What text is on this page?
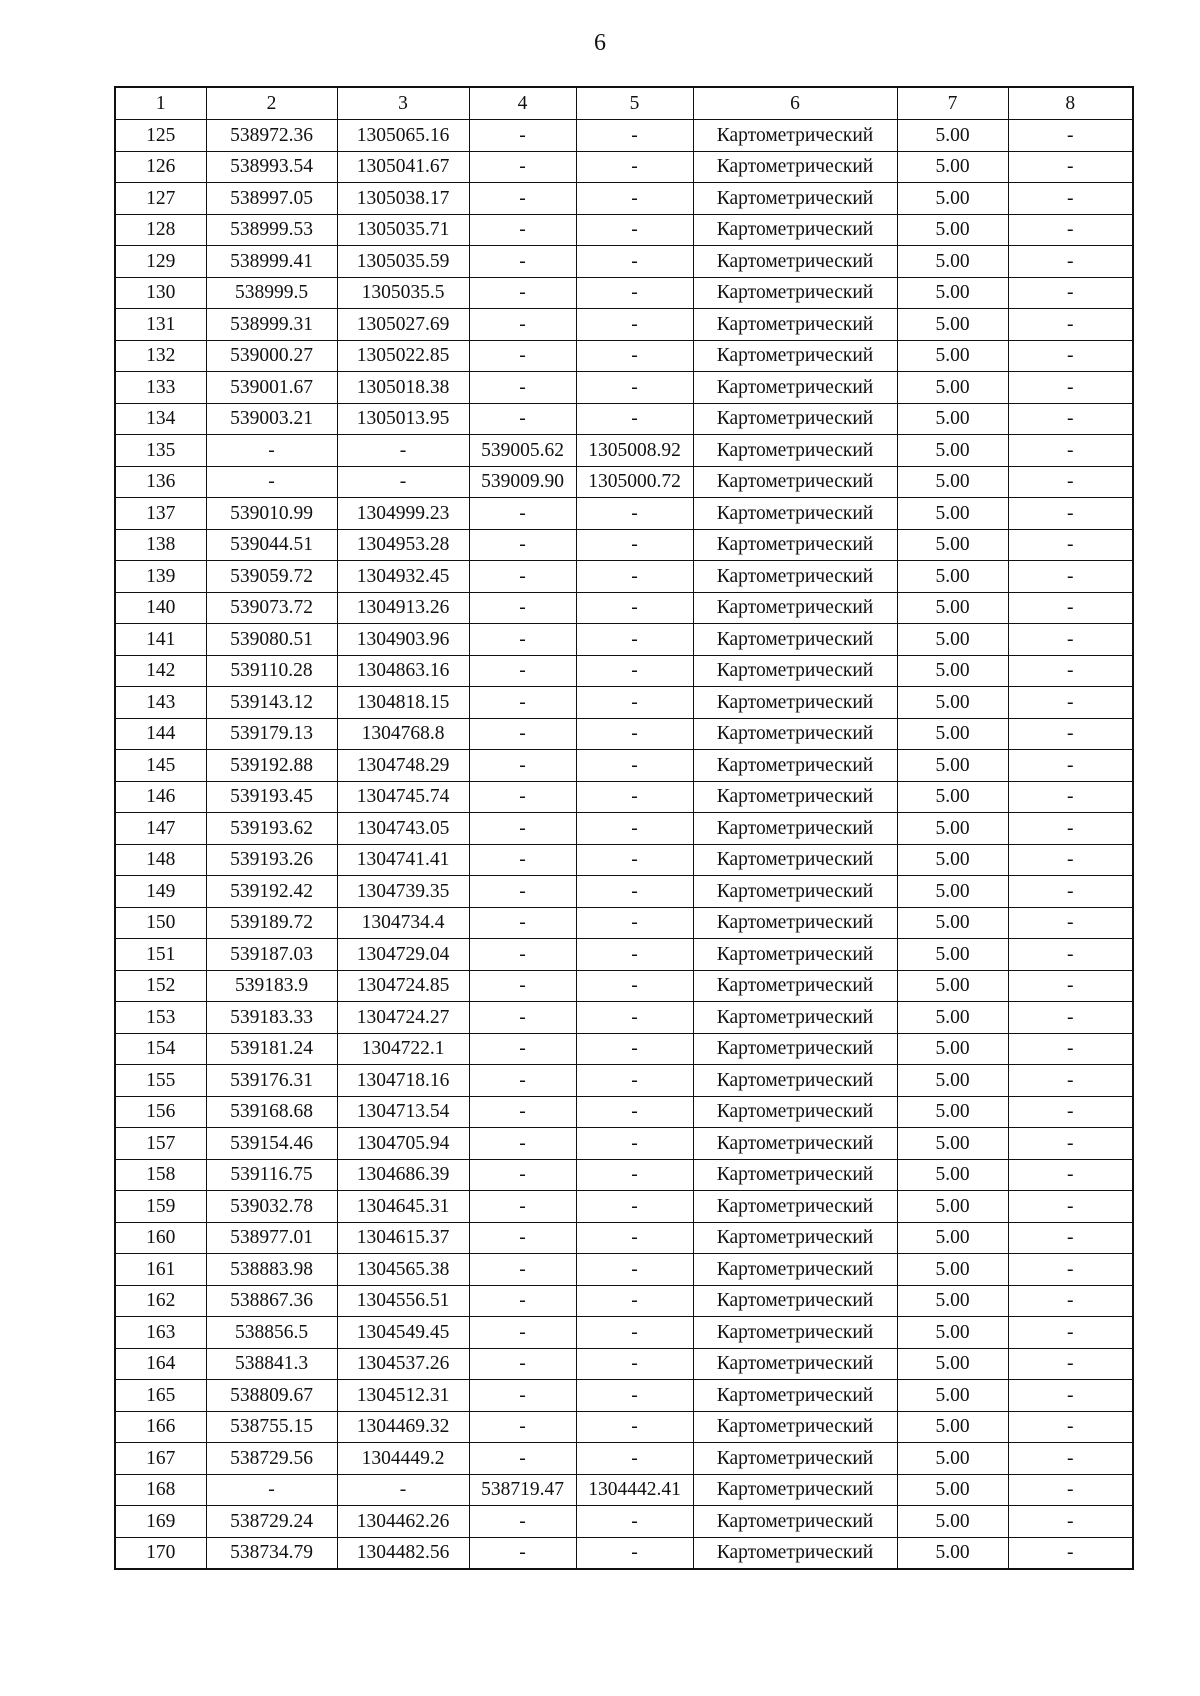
6
1	2	3	4	5	6	7	8
125	538972.36	1305065.16	-	-	Картометрический	5.00	-
126	538993.54	1305041.67	-	-	Картометрический	5.00	-
127	538997.05	1305038.17	-	-	Картометрический	5.00	-
128	538999.53	1305035.71	-	-	Картометрический	5.00	-
129	538999.41	1305035.59	-	-	Картометрический	5.00	-
130	538999.5	1305035.5	-	-	Картометрический	5.00	-
131	538999.31	1305027.69	-	-	Картометрический	5.00	-
132	539000.27	1305022.85	-	-	Картометрический	5.00	-
133	539001.67	1305018.38	-	-	Картометрический	5.00	-
134	539003.21	1305013.95	-	-	Картометрический	5.00	-
135	-	-	539005.62	1305008.92	Картометрический	5.00	-
136	-	-	539009.90	1305000.72	Картометрический	5.00	-
137	539010.99	1304999.23	-	-	Картометрический	5.00	-
138	539044.51	1304953.28	-	-	Картометрический	5.00	-
139	539059.72	1304932.45	-	-	Картометрический	5.00	-
140	539073.72	1304913.26	-	-	Картометрический	5.00	-
141	539080.51	1304903.96	-	-	Картометрический	5.00	-
142	539110.28	1304863.16	-	-	Картометрический	5.00	-
143	539143.12	1304818.15	-	-	Картометрический	5.00	-
144	539179.13	1304768.8	-	-	Картометрический	5.00	-
145	539192.88	1304748.29	-	-	Картометрический	5.00	-
146	539193.45	1304745.74	-	-	Картометрический	5.00	-
147	539193.62	1304743.05	-	-	Картометрический	5.00	-
148	539193.26	1304741.41	-	-	Картометрический	5.00	-
149	539192.42	1304739.35	-	-	Картометрический	5.00	-
150	539189.72	1304734.4	-	-	Картометрический	5.00	-
151	539187.03	1304729.04	-	-	Картометрический	5.00	-
152	539183.9	1304724.85	-	-	Картометрический	5.00	-
153	539183.33	1304724.27	-	-	Картометрический	5.00	-
154	539181.24	1304722.1	-	-	Картометрический	5.00	-
155	539176.31	1304718.16	-	-	Картометрический	5.00	-
156	539168.68	1304713.54	-	-	Картометрический	5.00	-
157	539154.46	1304705.94	-	-	Картометрический	5.00	-
158	539116.75	1304686.39	-	-	Картометрический	5.00	-
159	539032.78	1304645.31	-	-	Картометрический	5.00	-
160	538977.01	1304615.37	-	-	Картометрический	5.00	-
161	538883.98	1304565.38	-	-	Картометрический	5.00	-
162	538867.36	1304556.51	-	-	Картометрический	5.00	-
163	538856.5	1304549.45	-	-	Картометрический	5.00	-
164	538841.3	1304537.26	-	-	Картометрический	5.00	-
165	538809.67	1304512.31	-	-	Картометрический	5.00	-
166	538755.15	1304469.32	-	-	Картометрический	5.00	-
167	538729.56	1304449.2	-	-	Картометрический	5.00	-
168	-	-	538719.47	1304442.41	Картометрический	5.00	-
169	538729.24	1304462.26	-	-	Картометрический	5.00	-
170	538734.79	1304482.56	-	-	Картометрический	5.00	-
